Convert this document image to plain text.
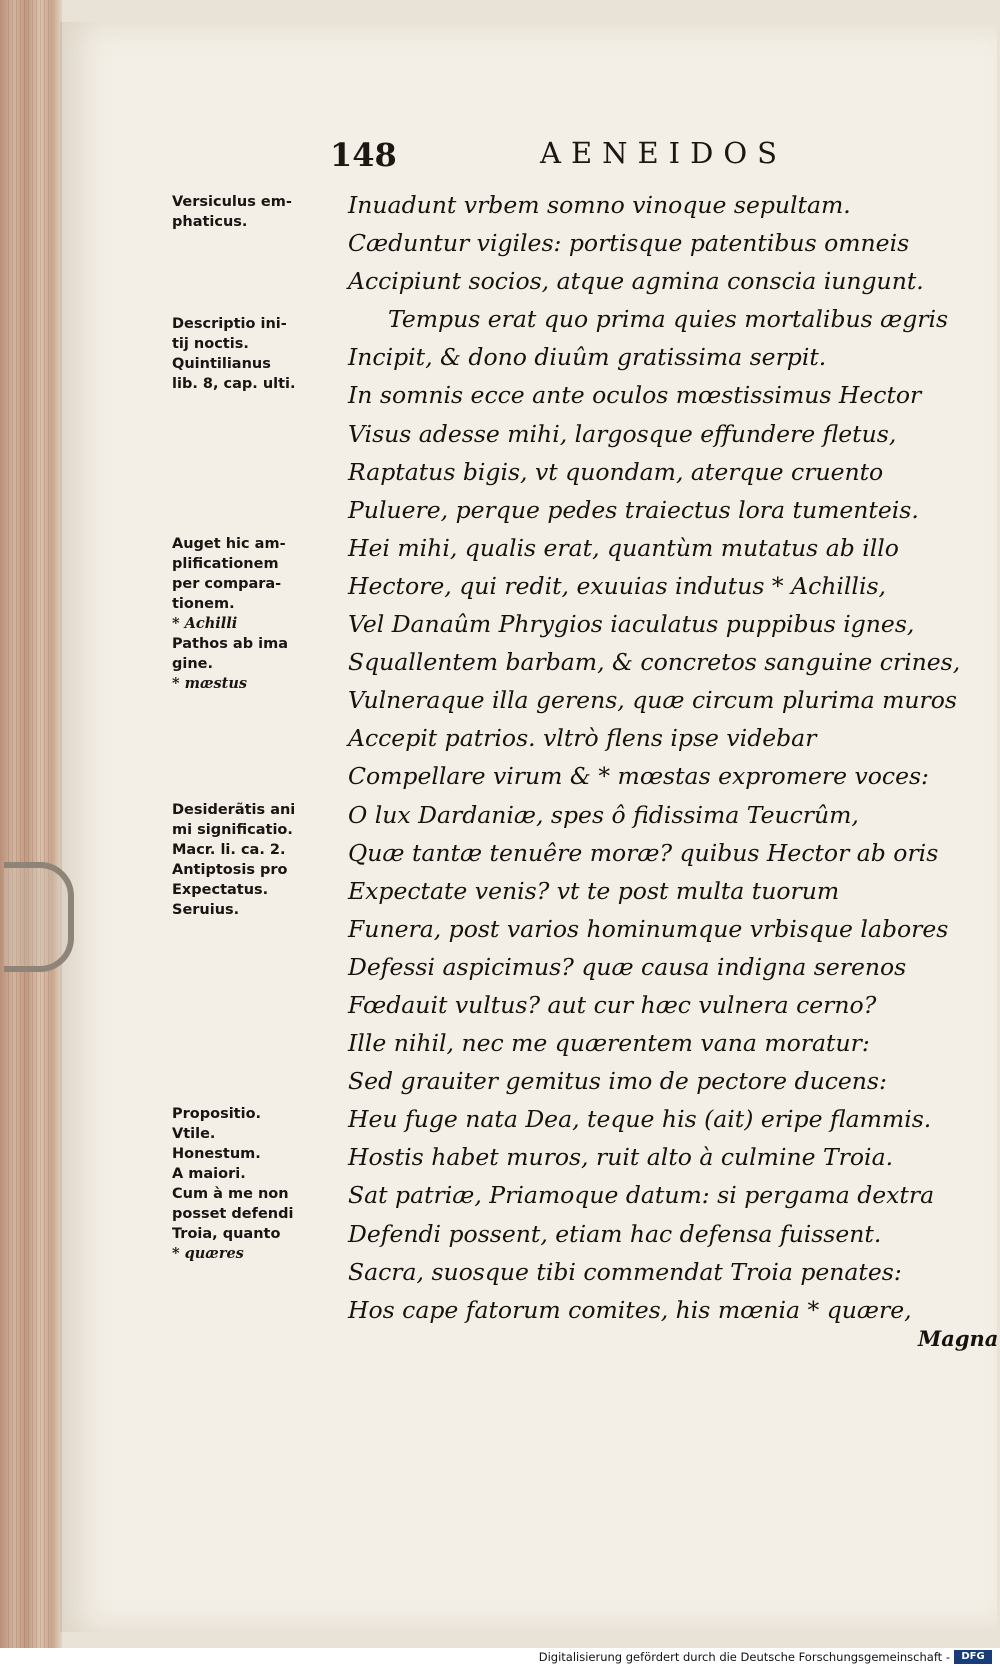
148	AENEIDOS
Versiculus em-
phaticus.
Descriptio ini-
tij noctis.
Quintilianus
lib. 8, cap. ulti.
Auget hic am-
plificationem
per compara-
tionem.
* Achilli
Pathos ab ima
gine.
* mæstus
Desiderãtis ani
mi significatio.
Macr. li. ca. 2.
Antiptosis pro
Expectatus.
Seruius.
Propositio.
Vtile.
Honestum.
A maiori.
Cum à me non
posset defendi
Troia, quanto
* quæres
Inuadunt vrbem somno vinoque sepultam.
Cæduntur vigiles: portisque patentibus omneis
Accipiunt socios, atque agmina conscia iungunt.
Tempus erat quo prima quies mortalibus ægris
Incipit, & dono diuûm gratissima serpit.
In somnis ecce ante oculos mœstissimus Hector
Visus adesse mihi, largosque effundere fletus,
Raptatus bigis, vt quondam, aterque cruento
Puluere, perque pedes traiectus lora tumenteis.
Hei mihi, qualis erat, quantùm mutatus ab illo
Hectore, qui redit, exuuias indutus * Achillis,
Vel Danaûm Phrygios iaculatus puppibus ignes,
Squallentem barbam, & concretos sanguine crines,
Vulneraque illa gerens, quæ circum plurima muros
Accepit patrios. vltrò flens ipse videbar
Compellare virum & * mœstas expromere voces:
O lux Dardaniæ, spes ô fidissima Teucrûm,
Quæ tantæ tenuêre moræ? quibus Hector ab oris
Expectate venis? vt te post multa tuorum
Funera, post varios hominumque vrbisque labores
Defessi aspicimus? quæ causa indigna serenos
Fœdauit vultus? aut cur hæc vulnera cerno?
Ille nihil, nec me quærentem vana moratur:
Sed grauiter gemitus imo de pectore ducens:
Heu fuge nata Dea, teque his (ait) eripe flammis.
Hostis habet muros, ruit alto à culmine Troia.
Sat patriæ, Priamoque datum: si pergama dextra
Defendi possent, etiam hac defensa fuissent.
Sacra, suosque tibi commendat Troia penates:
Hos cape fatorum comites, his mœnia * quære,
Magna
Digitalisierung gefördert durch die Deutsche Forschungsgemeinschaft -	DFG
